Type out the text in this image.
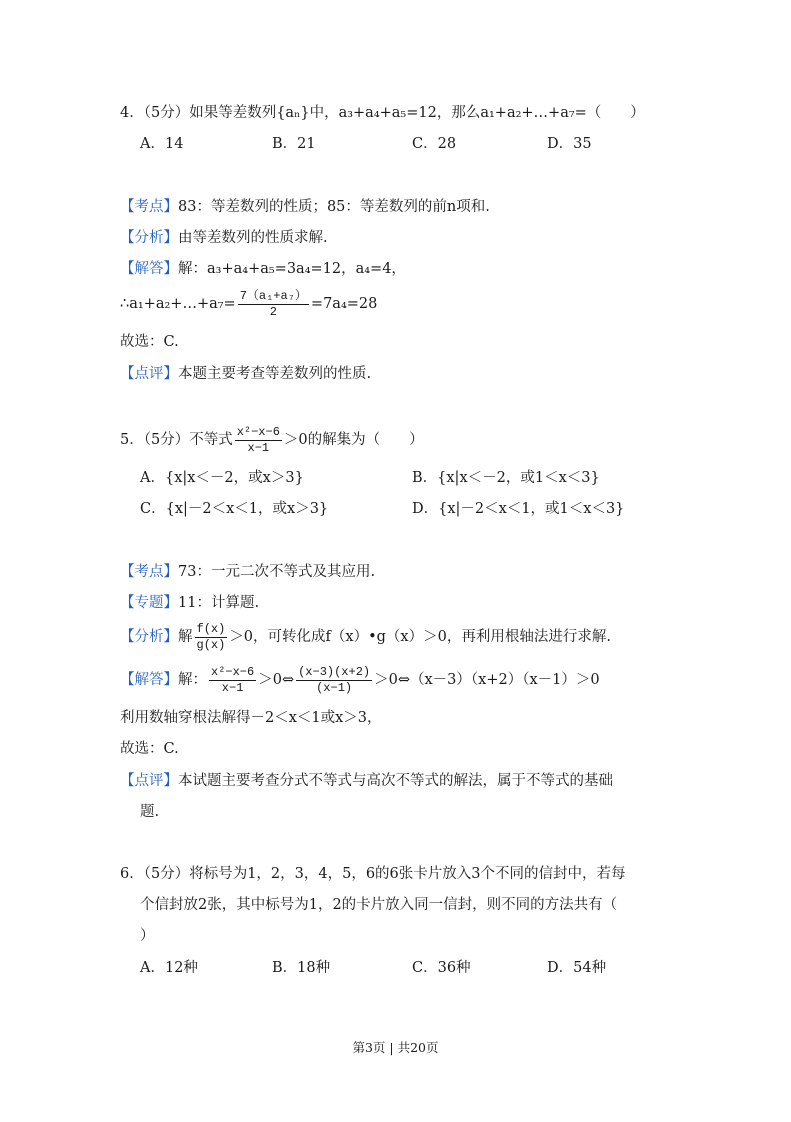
4．（5分）如果等差数列{aₙ}中，a₃+a₄+a₅=12，那么a₁+a₂+…+a₇=（　　）
A．14	B．21	C．28	D．35
【考点】83：等差数列的性质；85：等差数列的前n项和.
【分析】由等差数列的性质求解.
【解答】解：a₃+a₄+a₅=3a₄=12，a₄=4，
∴a₁+a₂+…+a₇= $\frac{\text{7（a₁+a₇）}}{2} =7a_4=28$
故选：C.
【点评】本题主要考查等差数列的性质.
5．（5分）不等式 $\frac{\text{x²−x−6}}{x-1} >0$的解集为（　　）
A．{x|x＜－2，或x＞3}	B．{x|x＜－2，或1＜x＜3}
C．{x|－2＜x＜1，或x＞3}	D．{x|－2＜x＜1，或1＜x＜3}
【考点】73：一元二次不等式及其应用.
【专题】11：计算题.
【分析】解 $\frac{f(x)}{g(x)} >0$，可转化成f（x）•g（x）＞0，再利用根轴法进行求解.
【解答】解： $\frac{\text{x²−x−6}}{x-1}$ ＞0⇔ $\frac{(x-3)(x+2)}{(x-1)}$ ＞0⇔（x－3）（x+2）（x－1）＞0
利用数轴穿根法解得－2＜x＜1或x＞3，
故选：C.
【点评】本试题主要考查分式不等式与高次不等式的解法，属于不等式的基础
题.
6．（5分）将标号为1，2，3，4，5，6的6张卡片放入3个不同的信封中，若每
个信封放2张，其中标号为1，2的卡片放入同一信封，则不同的方法共有（
）
A．12种	B．18种	C．36种	D．54种
第3页 | 共20页
